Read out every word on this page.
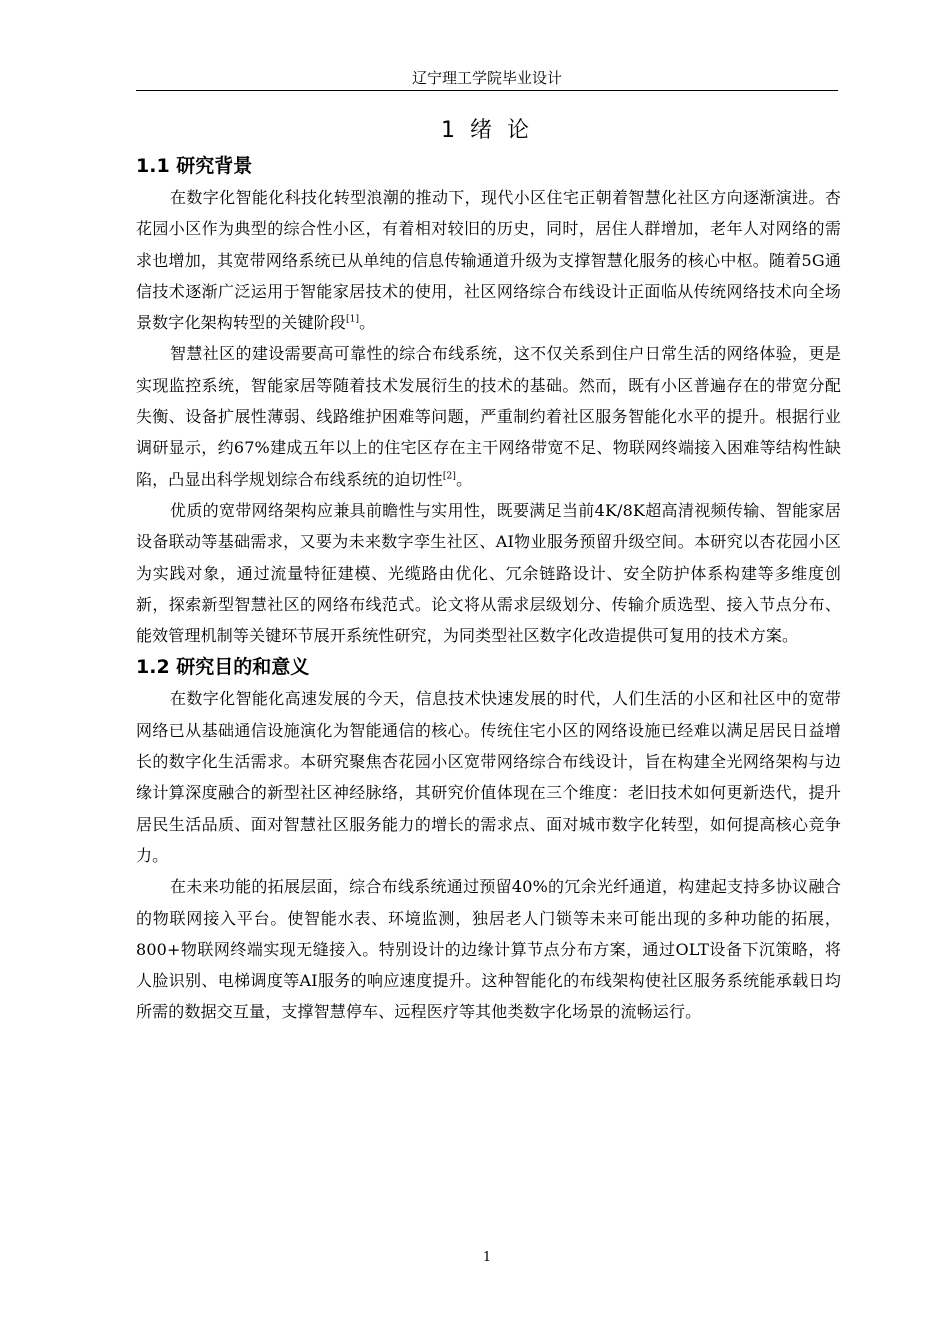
辽宁理工学院毕业设计
1 绪 论
1.1 研究背景

在数字化智能化科技化转型浪潮的推动下，现代小区住宅正朝着智慧化社区方向逐渐演进。杏花园小区作为典型的综合性小区，有着相对较旧的历史，同时，居住人群增加，老年人对网络的需求也增加，其宽带网络系统已从单纯的信息传输通道升级为支撑智慧化服务的核心中枢。随着5G通信技术逐渐广泛运用于智能家居技术的使用，社区网络综合布线设计正面临从传统网络技术向全场景数字化架构转型的关键阶段[1]。

智慧社区的建设需要高可靠性的综合布线系统，这不仅关系到住户日常生活的网络体验，更是实现监控系统，智能家居等随着技术发展衍生的技术的基础。然而，既有小区普遍存在的带宽分配失衡、设备扩展性薄弱、线路维护困难等问题，严重制约着社区服务智能化水平的提升。根据行业调研显示，约67%建成五年以上的住宅区存在主干网络带宽不足、物联网终端接入困难等结构性缺陷，凸显出科学规划综合布线系统的迫切性[2]。

优质的宽带网络架构应兼具前瞻性与实用性，既要满足当前4K/8K超高清视频传输、智能家居设备联动等基础需求，又要为未来数字孪生社区、AI物业服务预留升级空间。本研究以杏花园小区为实践对象，通过流量特征建模、光缆路由优化、冗余链路设计、安全防护体系构建等多维度创新，探索新型智慧社区的网络布线范式。论文将从需求层级划分、传输介质选型、接入节点分布、能效管理机制等关键环节展开系统性研究，为同类型社区数字化改造提供可复用的技术方案。

1.2 研究目的和意义

在数字化智能化高速发展的今天，信息技术快速发展的时代，人们生活的小区和社区中的宽带网络已从基础通信设施演化为智能通信的核心。传统住宅小区的网络设施已经难以满足居民日益增长的数字化生活需求。本研究聚焦杏花园小区宽带网络综合布线设计，旨在构建全光网络架构与边缘计算深度融合的新型社区神经脉络，其研究价值体现在三个维度：老旧技术如何更新迭代，提升居民生活品质、面对智慧社区服务能力的增长的需求点、面对城市数字化转型，如何提高核心竞争力。

在未来功能的拓展层面，综合布线系统通过预留40%的冗余光纤通道，构建起支持多协议融合的物联网接入平台。使智能水表、环境监测，独居老人门锁等未来可能出现的多种功能的拓展，800+物联网终端实现无缝接入。特别设计的边缘计算节点分布方案，通过OLT设备下沉策略，将人脸识别、电梯调度等AI服务的响应速度提升。这种智能化的布线架构使社区服务系统能承载日均所需的数据交互量，支撑智慧停车、远程医疗等其他类数字化场景的流畅运行。

1
